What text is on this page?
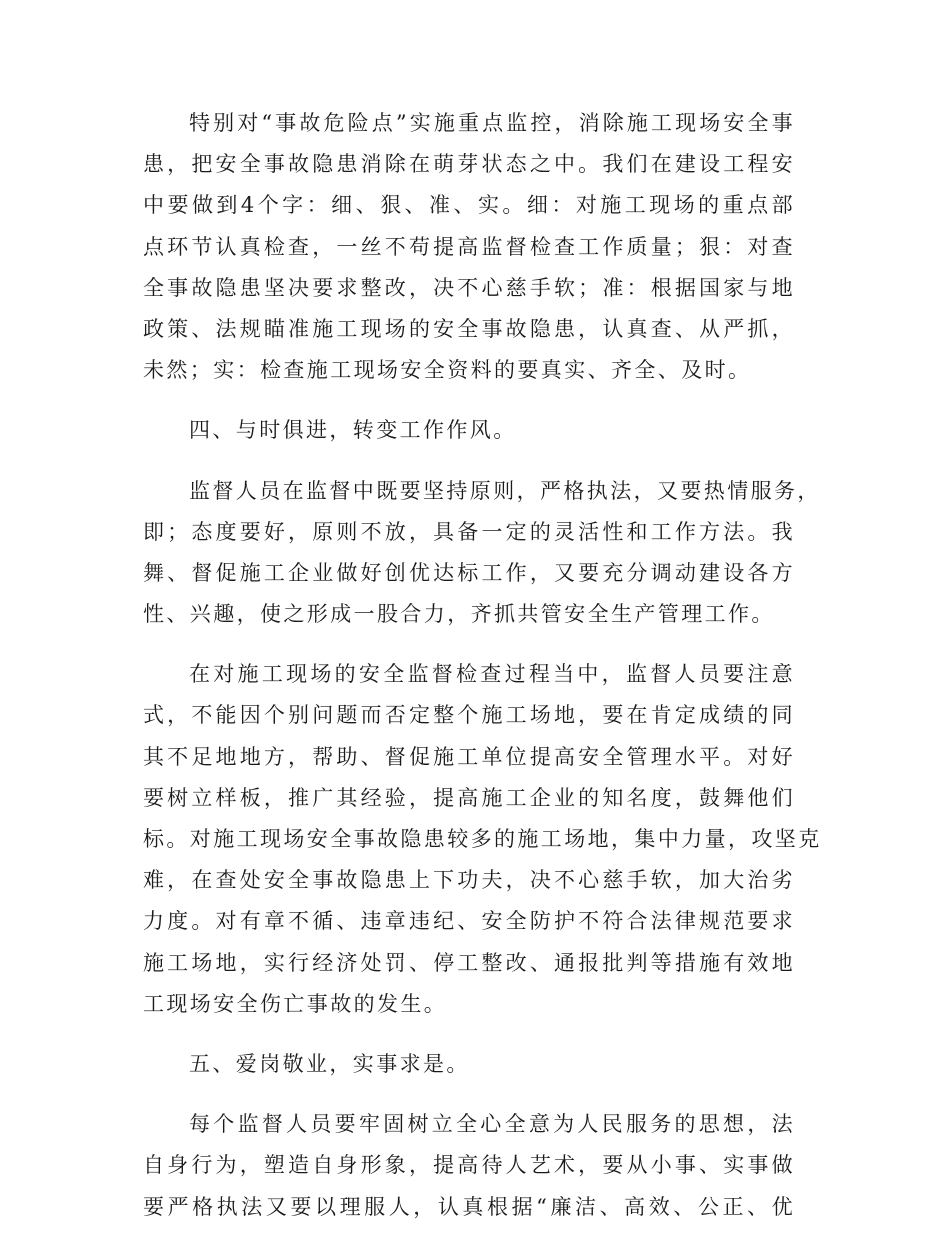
特别对“事故危险点”实施重点监控，消除施工现场安全事
患，把安全事故隐患消除在萌芽状态之中。我们在建设工程安
中要做到4个字：细、狠、准、实。细：对施工现场的重点部
点环节认真检查，一丝不苟提高监督检查工作质量；狠：对查
全事故隐患坚决要求整改，决不心慈手软；准：根据国家与地
政策、法规瞄准施工现场的安全事故隐患，认真查、从严抓，
未然；实：检查施工现场安全资料的要真实、齐全、及时。
四、与时俱进，转变工作作风。
监督人员在监督中既要坚持原则，严格执法，又要热情服务，
即；态度要好，原则不放，具备一定的灵活性和工作方法。我
舞、督促施工企业做好创优达标工作，又要充分调动建设各方
性、兴趣，使之形成一股合力，齐抓共管安全生产管理工作。
在对施工现场的安全监督检查过程当中，监督人员要注意
式，不能因个别问题而否定整个施工场地，要在肯定成绩的同
其不足地地方，帮助、督促施工单位提高安全管理水平。对好
要树立样板，推广其经验，提高施工企业的知名度，鼓舞他们
标。对施工现场安全事故隐患较多的施工场地，集中力量，攻坚克
难，在查处安全事故隐患上下功夫，决不心慈手软，加大治劣
力度。对有章不循、违章违纪、安全防护不符合法律规范要求
施工场地，实行经济处罚、停工整改、通报批判等措施有效地
工现场安全伤亡事故的发生。
五、爱岗敬业，实事求是。
每个监督人员要牢固树立全心全意为人民服务的思想，法
自身行为，塑造自身形象，提高待人艺术，要从小事、实事做
要严格执法又要以理服人，认真根据“廉洁、高效、公正、优
